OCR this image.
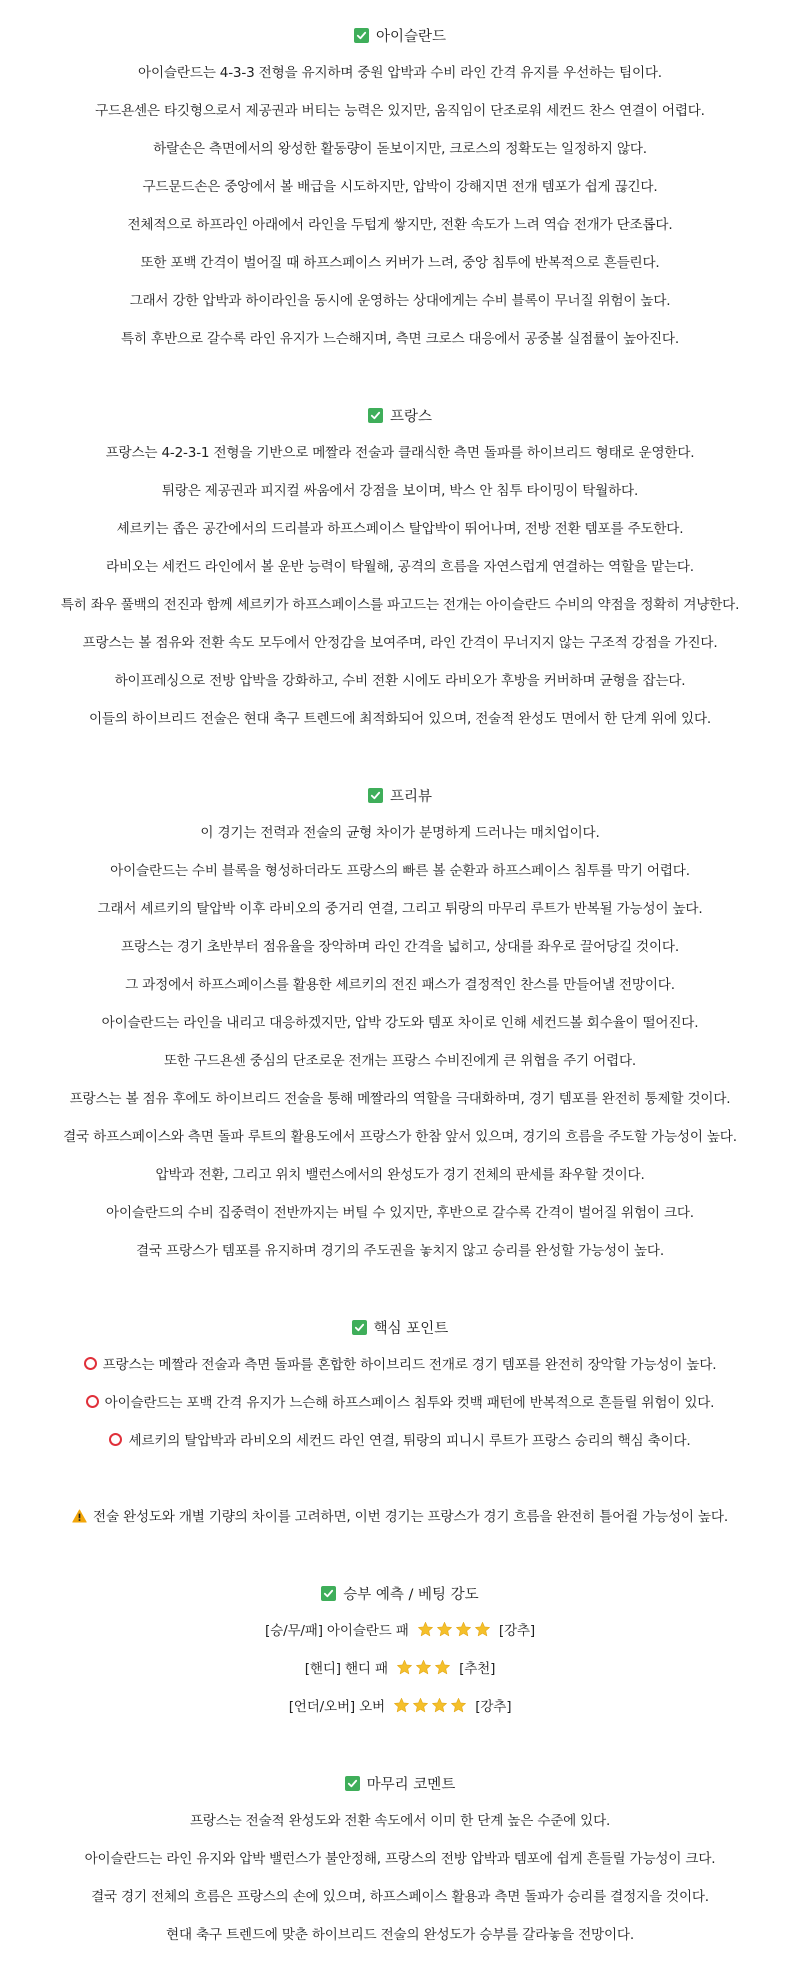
아이슬란드
아이슬란드는 4-3-3 전형을 유지하며 중원 압박과 수비 라인 간격 유지를 우선하는 팀이다.
구드욘센은 타깃형으로서 제공권과 버티는 능력은 있지만, 움직임이 단조로워 세컨드 찬스 연결이 어렵다.
하랄손은 측면에서의 왕성한 활동량이 돋보이지만, 크로스의 정확도는 일정하지 않다.
구드문드손은 중앙에서 볼 배급을 시도하지만, 압박이 강해지면 전개 템포가 쉽게 끊긴다.
전체적으로 하프라인 아래에서 라인을 두텁게 쌓지만, 전환 속도가 느려 역습 전개가 단조롭다.
또한 포백 간격이 벌어질 때 하프스페이스 커버가 느려, 중앙 침투에 반복적으로 흔들린다.
그래서 강한 압박과 하이라인을 동시에 운영하는 상대에게는 수비 블록이 무너질 위험이 높다.
특히 후반으로 갈수록 라인 유지가 느슨해지며, 측면 크로스 대응에서 공중볼 실점률이 높아진다.
프랑스
프랑스는 4-2-3-1 전형을 기반으로 메짤라 전술과 클래식한 측면 돌파를 하이브리드 형태로 운영한다.
튀랑은 제공권과 피지컬 싸움에서 강점을 보이며, 박스 안 침투 타이밍이 탁월하다.
셰르키는 좁은 공간에서의 드리블과 하프스페이스 탈압박이 뛰어나며, 전방 전환 템포를 주도한다.
라비오는 세컨드 라인에서 볼 운반 능력이 탁월해, 공격의 흐름을 자연스럽게 연결하는 역할을 맡는다.
특히 좌우 풀백의 전진과 함께 셰르키가 하프스페이스를 파고드는 전개는 아이슬란드 수비의 약점을 정확히 겨냥한다.
프랑스는 볼 점유와 전환 속도 모두에서 안정감을 보여주며, 라인 간격이 무너지지 않는 구조적 강점을 가진다.
하이프레싱으로 전방 압박을 강화하고, 수비 전환 시에도 라비오가 후방을 커버하며 균형을 잡는다.
이들의 하이브리드 전술은 현대 축구 트렌드에 최적화되어 있으며, 전술적 완성도 면에서 한 단계 위에 있다.
프리뷰
이 경기는 전력과 전술의 균형 차이가 분명하게 드러나는 매치업이다.
아이슬란드는 수비 블록을 형성하더라도 프랑스의 빠른 볼 순환과 하프스페이스 침투를 막기 어렵다.
그래서 셰르키의 탈압박 이후 라비오의 중거리 연결, 그리고 튀랑의 마무리 루트가 반복될 가능성이 높다.
프랑스는 경기 초반부터 점유율을 장악하며 라인 간격을 넓히고, 상대를 좌우로 끌어당길 것이다.
그 과정에서 하프스페이스를 활용한 셰르키의 전진 패스가 결정적인 찬스를 만들어낼 전망이다.
아이슬란드는 라인을 내리고 대응하겠지만, 압박 강도와 템포 차이로 인해 세컨드볼 회수율이 떨어진다.
또한 구드욘센 중심의 단조로운 전개는 프랑스 수비진에게 큰 위협을 주기 어렵다.
프랑스는 볼 점유 후에도 하이브리드 전술을 통해 메짤라의 역할을 극대화하며, 경기 템포를 완전히 통제할 것이다.
결국 하프스페이스와 측면 돌파 루트의 활용도에서 프랑스가 한참 앞서 있으며, 경기의 흐름을 주도할 가능성이 높다.
압박과 전환, 그리고 위치 밸런스에서의 완성도가 경기 전체의 판세를 좌우할 것이다.
아이슬란드의 수비 집중력이 전반까지는 버틸 수 있지만, 후반으로 갈수록 간격이 벌어질 위험이 크다.
결국 프랑스가 템포를 유지하며 경기의 주도권을 놓치지 않고 승리를 완성할 가능성이 높다.
핵심 포인트
프랑스는 메짤라 전술과 측면 돌파를 혼합한 하이브리드 전개로 경기 템포를 완전히 장악할 가능성이 높다.
아이슬란드는 포백 간격 유지가 느슨해 하프스페이스 침투와 컷백 패턴에 반복적으로 흔들릴 위험이 있다.
셰르키의 탈압박과 라비오의 세컨드 라인 연결, 튀랑의 피니시 루트가 프랑스 승리의 핵심 축이다.
전술 완성도와 개별 기량의 차이를 고려하면, 이번 경기는 프랑스가 경기 흐름을 완전히 틀어쥘 가능성이 높다.
승부 예측 / 베팅 강도
[승/무/패] 아이슬란드 패	[강추]
[핸디] 핸디 패	[추천]
[언더/오버] 오버	[강추]
마무리 코멘트
프랑스는 전술적 완성도와 전환 속도에서 이미 한 단계 높은 수준에 있다.
아이슬란드는 라인 유지와 압박 밸런스가 불안정해, 프랑스의 전방 압박과 템포에 쉽게 흔들릴 가능성이 크다.
결국 경기 전체의 흐름은 프랑스의 손에 있으며, 하프스페이스 활용과 측면 돌파가 승리를 결정지을 것이다.
현대 축구 트렌드에 맞춘 하이브리드 전술의 완성도가 승부를 갈라놓을 전망이다.
